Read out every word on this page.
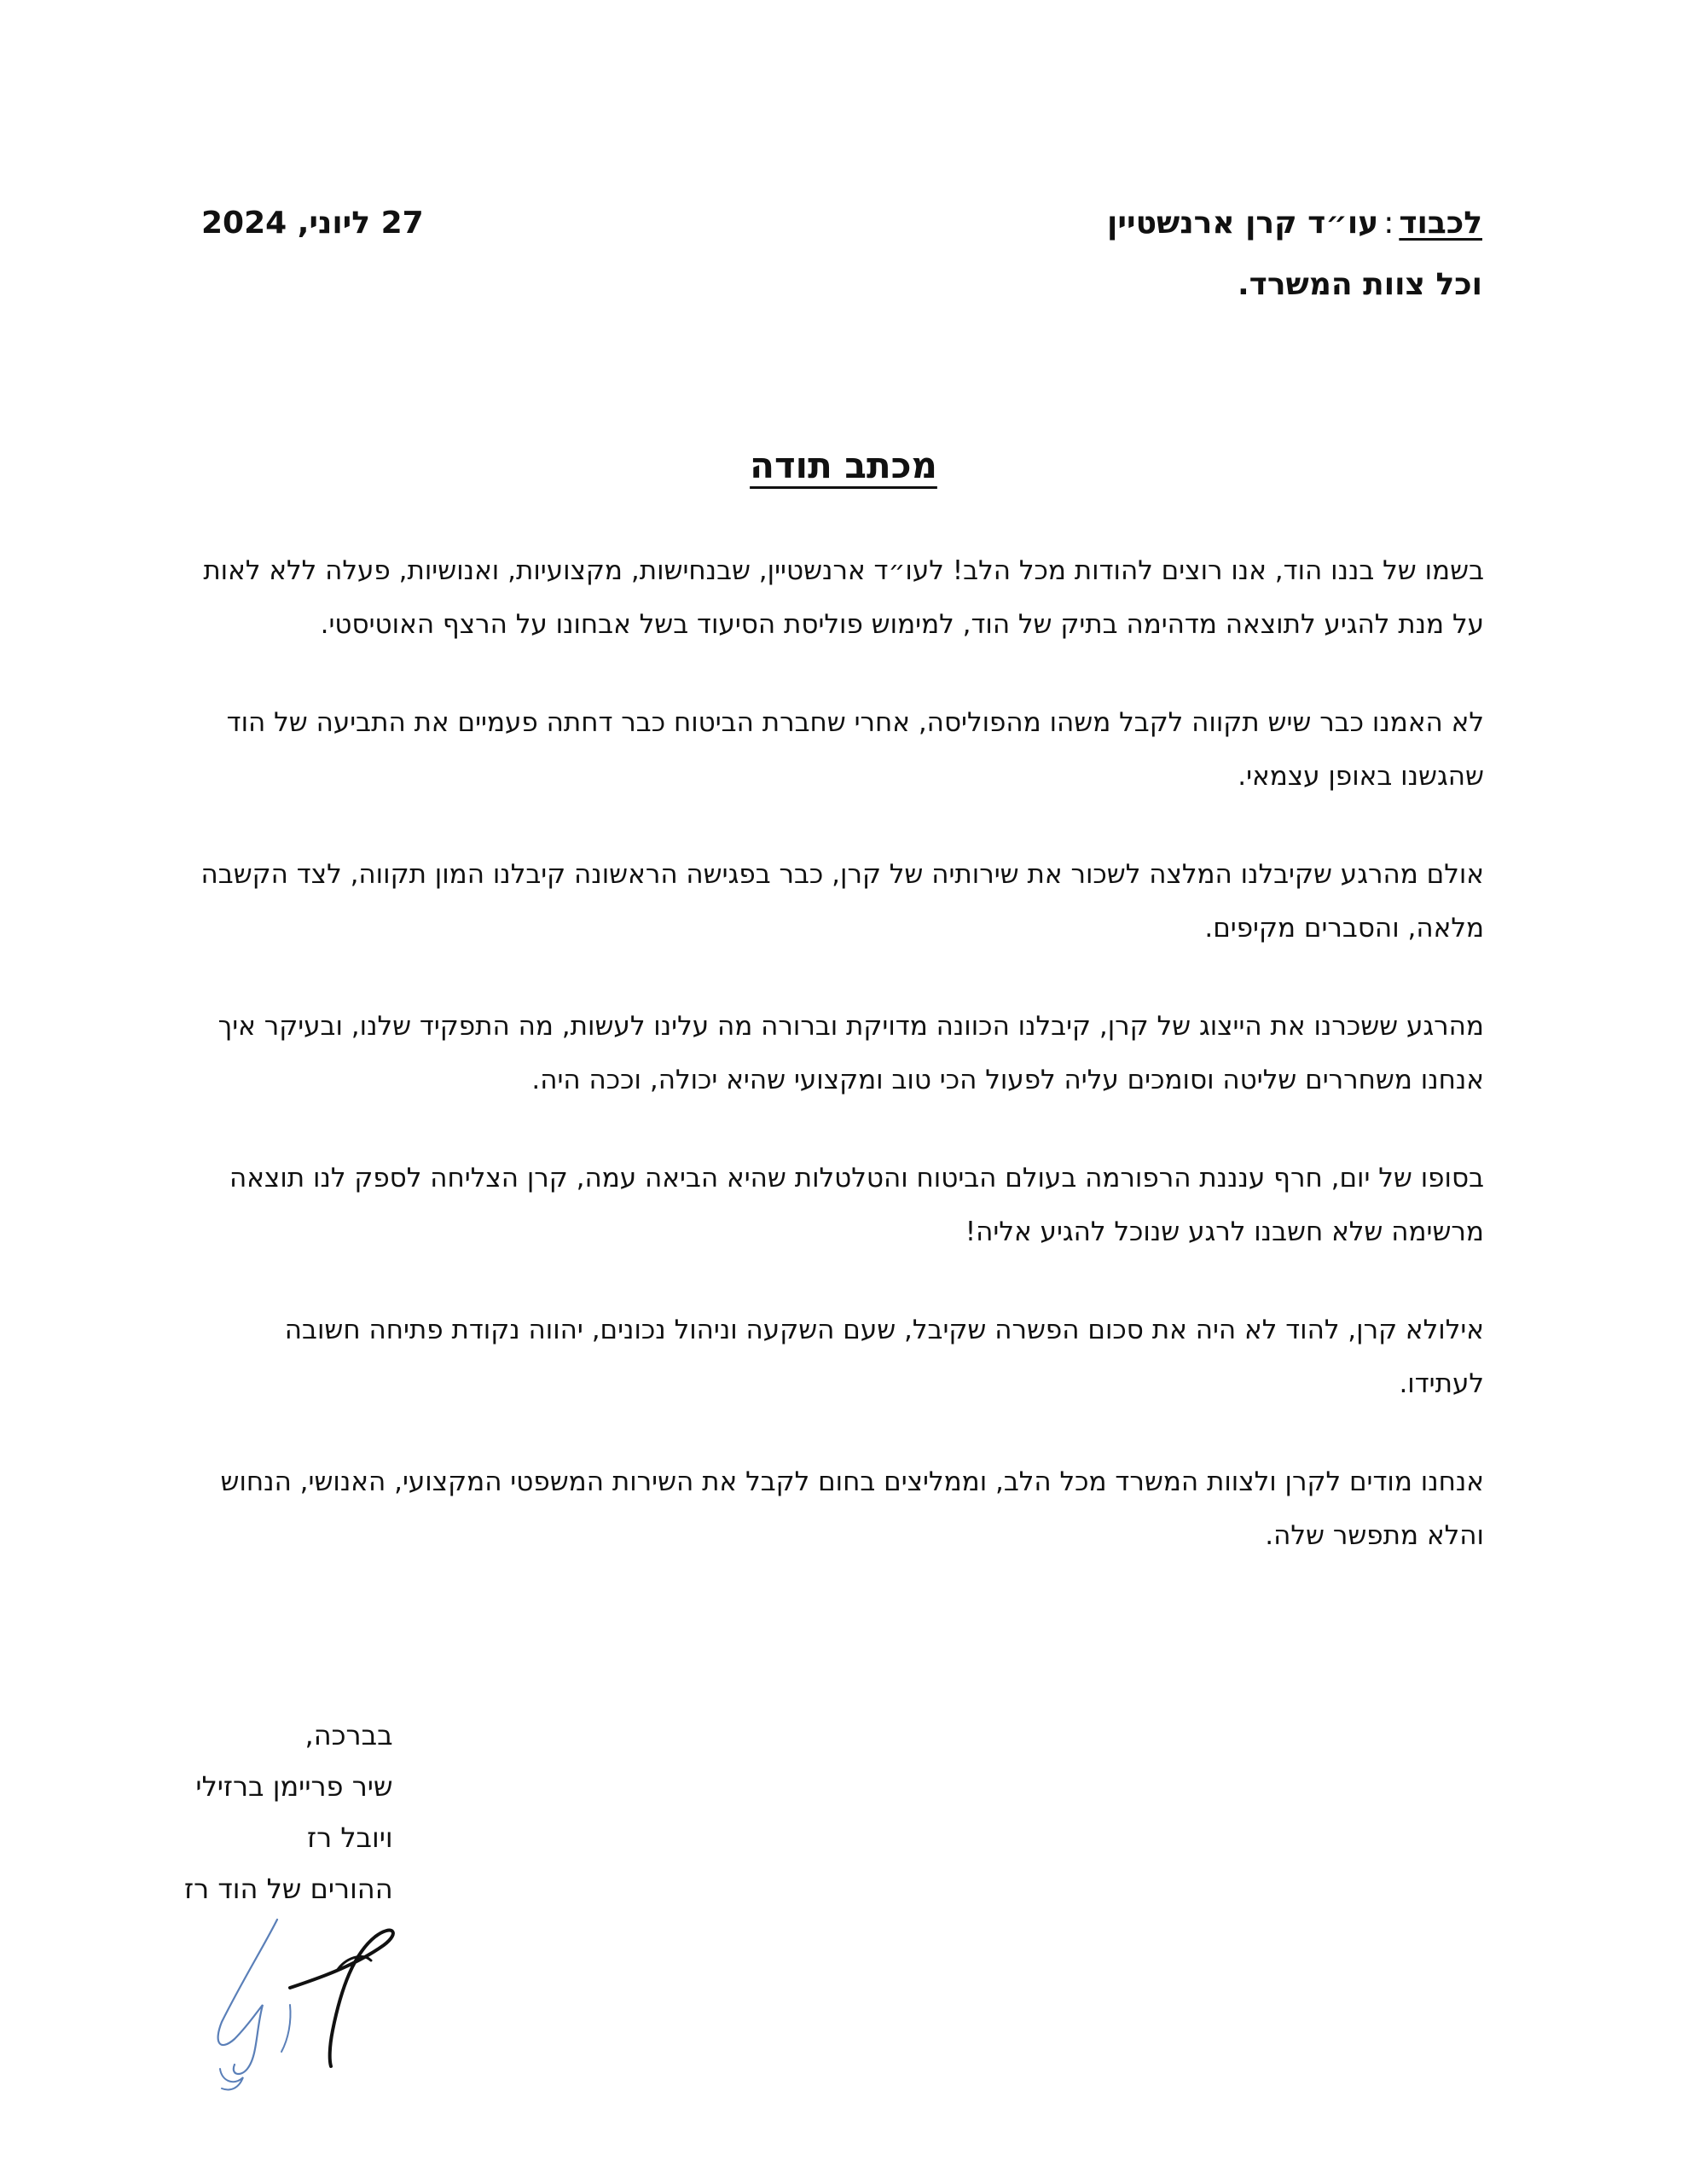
לכבוד:עו״ד קרן ארנשטיין
וכל צוות המשרד.
27 ליוני, 2024
מכתב תודה

בשמו של בננו הוד, אנו רוצים להודות מכל הלב! לעו״ד ארנשטיין, שבנחישות, מקצועיות, ואנושיות, פעלה ללא לאות על מנת להגיע לתוצאה מדהימה בתיק של הוד, למימוש פוליסת הסיעוד בשל אבחונו על הרצף האוטיסטי.

לא האמנו כבר שיש תקווה לקבל משהו מהפוליסה, אחרי שחברת הביטוח כבר דחתה פעמיים את התביעה של הוד שהגשנו באופן עצמאי.

אולם מהרגע שקיבלנו המלצה לשכור את שירותיה של קרן, כבר בפגישה הראשונה קיבלנו המון תקווה, לצד הקשבה מלאה, והסברים מקיפים.

מהרגע ששכרנו את הייצוג של קרן, קיבלנו הכוונה מדויקת וברורה מה עלינו לעשות, מה התפקיד שלנו, ובעיקר איך אנחנו משחררים שליטה וסומכים עליה לפעול הכי טוב ומקצועי שהיא יכולה, וככה היה.

בסופו של יום, חרף ענננת הרפורמה בעולם הביטוח והטלטלות שהיא הביאה עמה, קרן הצליחה לספק לנו תוצאה מרשימה שלא חשבנו לרגע שנוכל להגיע אליה!

אילולא קרן, להוד לא היה את סכום הפשרה שקיבל, שעם השקעה וניהול נכונים, יהווה נקודת פתיחה חשובה לעתידו.

אנחנו מודים לקרן ולצוות המשרד מכל הלב, וממליצים בחום לקבל את השירות המשפטי המקצועי, האנושי, הנחוש והלא מתפשר שלה.

בברכה,
שיר פריימן ברזילי
ויובל רז
ההורים של הוד רז
